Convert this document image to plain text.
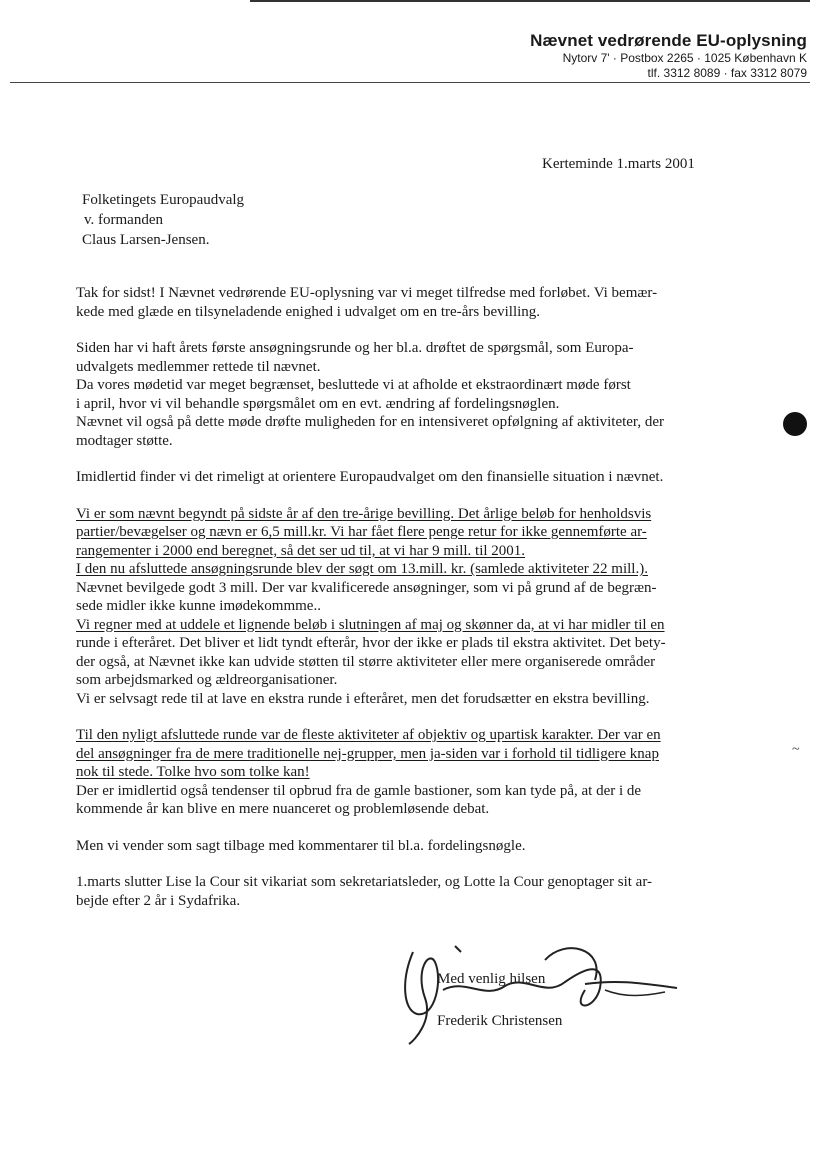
Nævnet vedrørende EU-oplysning
Nytorv 7' · Postbox 2265 · 1025 København K
tlf. 3312 8089 · fax 3312 8079
Kerteminde 1.marts 2001
Folketingets Europaudvalg
v. formanden
Claus Larsen-Jensen.

Tak for sidst! I Nævnet vedrørende EU-oplysning var vi meget tilfredse med forløbet. Vi bemær-
kede med glæde en tilsyneladende enighed i udvalget om en tre-års bevilling.

Siden har vi haft årets første ansøgningsrunde og her bl.a. drøftet de spørgsmål, som Europa-
udvalgets medlemmer rettede til nævnet.
Da vores mødetid var meget begrænset, besluttede vi at afholde et ekstraordinært møde først
i april, hvor vi vil behandle spørgsmålet om en evt. ændring af fordelingsnøglen.
Nævnet vil også på dette møde drøfte muligheden for en intensiveret opfølgning af aktiviteter, der
modtager støtte.

Imidlertid finder vi det rimeligt at orientere Europaudvalget om den finansielle situation i nævnet.

Vi er som nævnt begyndt på sidste år af den tre-årige bevilling. Det årlige beløb for henholdsvis
partier/bevægelser og nævn er 6,5 mill.kr. Vi har fået flere penge retur for ikke gennemførte ar-
rangementer i 2000 end beregnet, så det ser ud til, at vi har 9 mill. til 2001.
I den nu afsluttede ansøgningsrunde blev der søgt om 13.mill. kr. (samlede aktiviteter 22 mill.).
Nævnet bevilgede godt 3 mill. Der var kvalificerede ansøgninger, som vi på grund af de begræn-
sede midler ikke kunne imødekommme..
Vi regner med at uddele et lignende beløb i slutningen af maj og skønner da, at vi har midler til en
runde i efteråret. Det bliver et lidt tyndt efterår, hvor der ikke er plads til ekstra aktivitet. Det bety-
der også, at Nævnet ikke kan udvide støtten til større aktiviteter eller mere organiserede områder
som arbejdsmarked og ældreorganisationer.
Vi er selvsagt rede til at lave en ekstra runde i efteråret, men det forudsætter en ekstra bevilling.

Til den nyligt afsluttede runde var de fleste aktiviteter af objektiv og upartisk karakter. Der var en
del ansøgninger fra de mere traditionelle nej-grupper, men ja-siden var i forhold til tidligere knap
nok til stede. Tolke hvo som tolke kan!
Der er imidlertid også tendenser til opbrud fra de gamle bastioner, som kan tyde på, at der i de
kommende år kan blive en mere nuanceret og problemløsende debat.

Men vi vender som sagt tilbage med kommentarer til bl.a. fordelingsnøgle.

1.marts slutter Lise la Cour sit vikariat som sekretariatsleder, og Lotte la Cour genoptager sit ar-
bejde efter 2 år i Sydafrika.

Med venlig hilsen
Frederik Christensen
~
